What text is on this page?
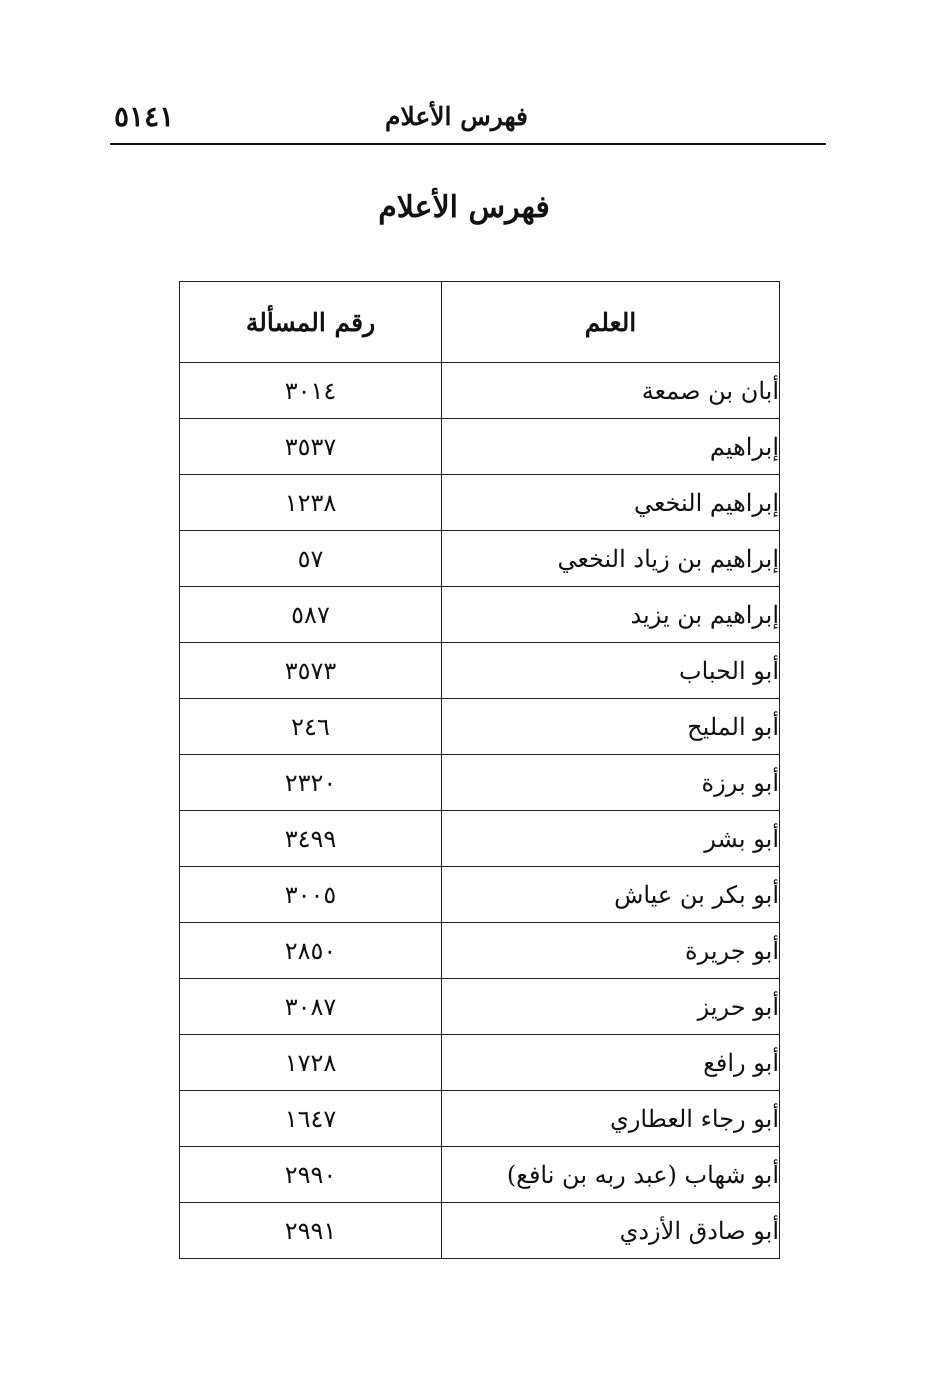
فهرس الأعلام
٥١٤١
فهرس الأعلام
العلم	رقم المسألة
أبان بن صمعة	٣٠١٤
إبراهيم	٣٥٣٧
إبراهيم النخعي	١٢٣٨
إبراهيم بن زياد النخعي	٥٧
إبراهيم بن يزيد	٥٨٧
أبو الحباب	٣٥٧٣
أبو المليح	٢٤٦
أبو برزة	٢٣٢٠
أبو بشر	٣٤٩٩
أبو بكر بن عياش	٣٠٠٥
أبو جريرة	٢٨٥٠
أبو حريز	٣٠٨٧
أبو رافع	١٧٢٨
أبو رجاء العطاري	١٦٤٧
أبو شهاب (عبد ربه بن نافع)	٢٩٩٠
أبو صادق الأزدي	٢٩٩١
